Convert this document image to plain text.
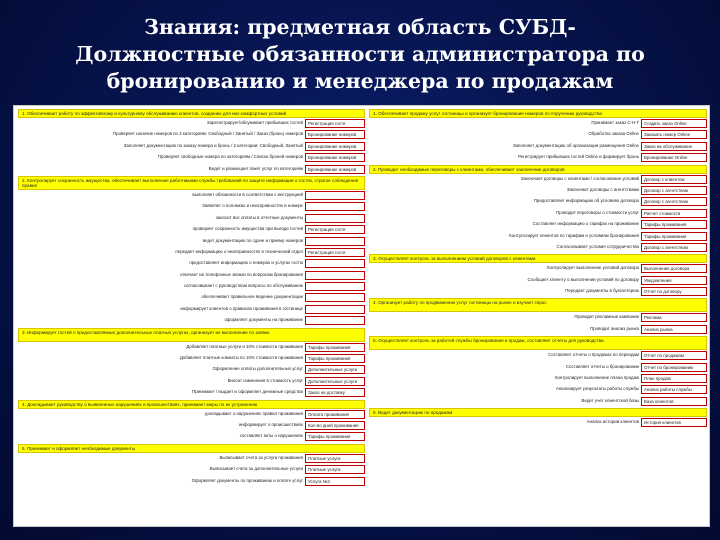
Знания: предметная область СУБД-
Должностные обязанности администратора по
бронированию и менеджера по продажам
1. Обеспечивает работу по эффективному и культурному обслуживанию клиентов, созданию для них комфортных условий
Зарегистрирует/облуживает прибывших гостей	Регистрация гостя
Проверяет наличие номеров по 3 категориям: Свободный / Занятый / Заказ (бронь) номеров	Бронирование номеров
Заполняет документацию по заказу номера и бронь / 2 категории: Свободный, Занятый	Бронирование номеров
Проверяет свободные номера по категориям / Список броней номеров	Бронирование номеров
Ведет и размещает пакет услуг по категориям	Бронирование номеров
2. Контролирует сохранность имущества, обеспечивает выполнение работниками службы требований по защите информации о гостях, строгое соблюдение правил
выполняет обязанности в соответствии с инструкцией
Заявляет о поломках и неисправностях в номере
заносит все оплаты в отчетные документы
проверяет сохранность имущества при выезде гостей	Регистрация гостя
ведет документацию по сдаче и приему номеров
передает информацию о неисправностях в технический отдел	Регистрация гостя
предоставляет информацию о номерах и услугах гостю
отвечает на телефонные звонки по вопросам бронирования
согласовывает с руководством вопросы по обслуживанию
обеспечивает правильное ведение документации
информирует клиентов о правилах проживания в гостинице
оформляет документы на проживание
3. Информирует гостей о предоставляемых дополнительных платных услугах, организует их выполнение по заявке
Добавляет платные услуги и 10% стоимости проживания	Тарифы проживания
Добавляет платные комнаты по 10% стоимости проживания	Тарифы проживания
Оформление оплаты дополнительных услуг	Дополнительные услуги
Вносит изменения в стоимость услуг	Дополнительные услуги
Принимает / выдает и оформляет денежные средства	Заказ на доставку
4. Докладывает руководству о выявленных нарушениях и происшествиях, принимает меры по их устранению
докладывает о нарушениях правил проживания	Оплата проживания
информирует о происшествиях	Кол-во дней проживания
составляет акты о нарушениях	Тарифы проживания
5. Принимает и оформляет необходимые документы
Выписывает счета за услуги проживания	Платные услуги
Выписывает счета за дополнительные услуги	Платные услуги
Оформляет документы по проживанию и оплате услуг	Услуга №3
1. Обеспечивает продажу услуг гостиницы и организует бронирование номеров по поручению руководства
Принимает заказ С-Н-Г	Создать заказ Online
Обработка заказа Online	Заказать номер Online
Заполняет документацию об организации размещения Online	Заказ на обслуживание
Регистрирует прибывших гостей Online и формирует бронь	Бронирование Online
2. Проводит необходимые переговоры с клиентами, обеспечивает заключение договоров
Заключает договоры с клиентами / согласование условий	Договор с клиентом
Заключает договоры с агентствами	Договор с агентством
Предоставляет информацию об условиях договора	Договор с агентством
Проводит переговоры о стоимости услуг	Расчет стоимости
Составляет информацию о тарифах на проживание	Тарифы проживания
Консультирует клиентов по тарифам и условиям бронирования	Тарифы проживания
Согласовывает условия сотрудничества	Договор с агентством
3. Осуществляет контроль за выполнением условий договоров с клиентами
Контролирует выполнение условий договора	Выполнение договора
Сообщает клиенту о выполнении условий по договору	Уведомления
Передает документы в бухгалтерию	Отчет по договору
4. Организует работу по продвижению услуг гостиницы на рынке и изучает спрос
Проводит рекламные кампании	Реклама
Проводит анализ рынка	Анализ рынка
5. Осуществляет контроль за работой службы бронирования и продаж, составляет отчеты для руководства
Составляет отчеты о продажах по периодам	Отчет по продажам
Составляет отчеты о бронировании	Отчет по бронированию
Контролирует выполнение плана продаж	План продаж
Анализирует результаты работы службы	Анализ работы службы
Ведет учет клиентской базы	База клиентов
6. Ведет документацию по продажам
Анализ истории клиентов	История клиентов
